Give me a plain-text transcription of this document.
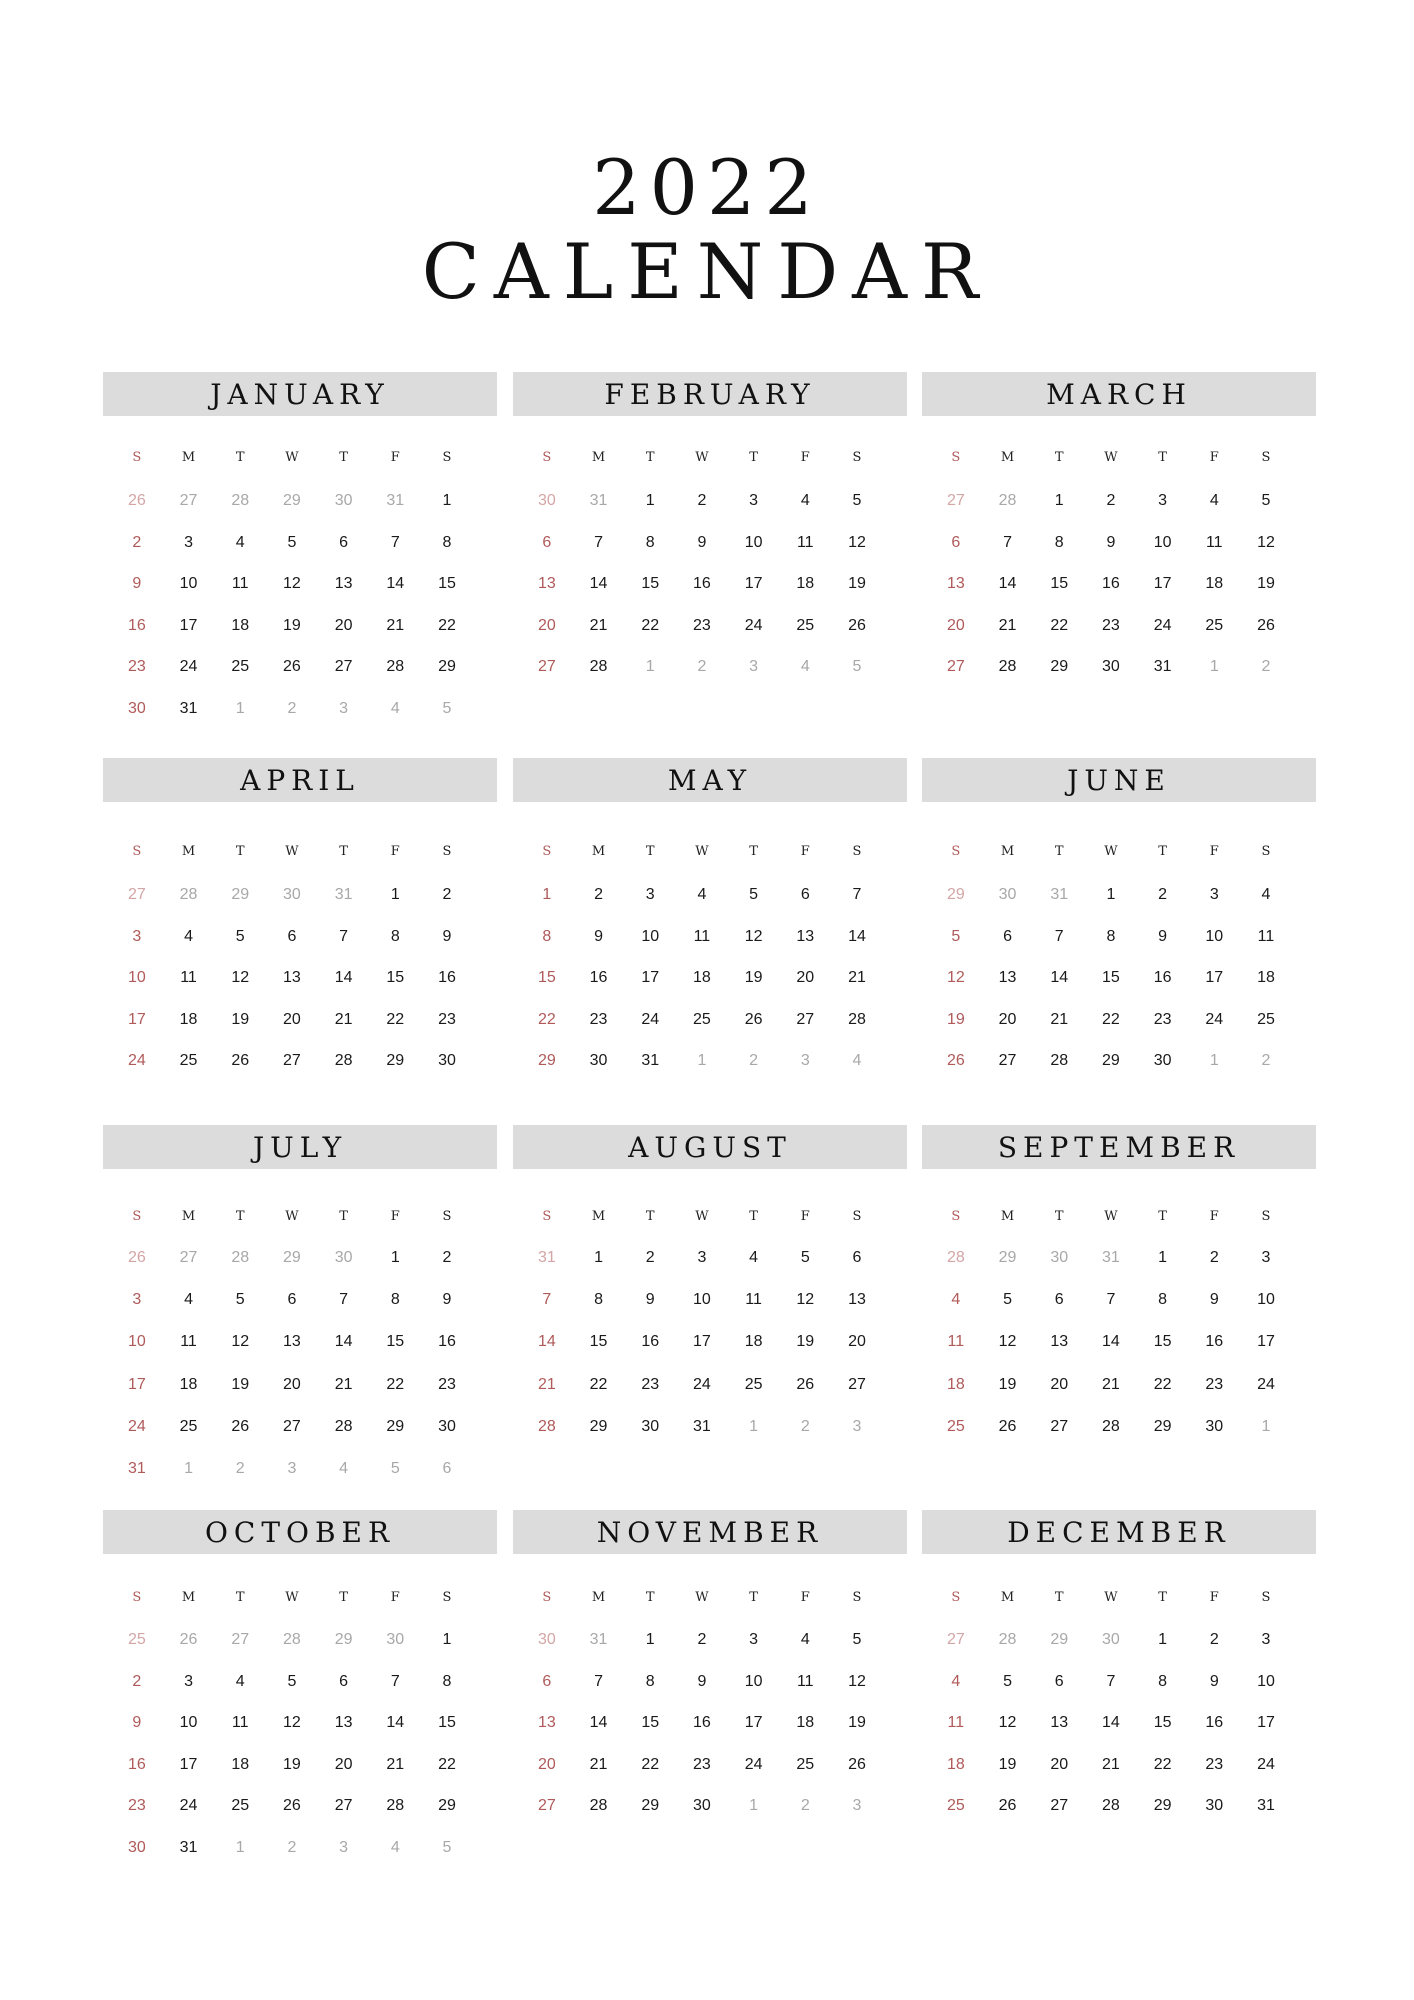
2022
CALENDAR
JANUARY
S	M	T	W	T	F	S
26	27	28	29	30	31	1
2	3	4	5	6	7	8
9	10	11	12	13	14	15
16	17	18	19	20	21	22
23	24	25	26	27	28	29
30	31	1	2	3	4	5
FEBRUARY
S	M	T	W	T	F	S
30	31	1	2	3	4	5
6	7	8	9	10	11	12
13	14	15	16	17	18	19
20	21	22	23	24	25	26
27	28	1	2	3	4	5
MARCH
S	M	T	W	T	F	S
27	28	1	2	3	4	5
6	7	8	9	10	11	12
13	14	15	16	17	18	19
20	21	22	23	24	25	26
27	28	29	30	31	1	2
APRIL
S	M	T	W	T	F	S
27	28	29	30	31	1	2
3	4	5	6	7	8	9
10	11	12	13	14	15	16
17	18	19	20	21	22	23
24	25	26	27	28	29	30
MAY
S	M	T	W	T	F	S
1	2	3	4	5	6	7
8	9	10	11	12	13	14
15	16	17	18	19	20	21
22	23	24	25	26	27	28
29	30	31	1	2	3	4
JUNE
S	M	T	W	T	F	S
29	30	31	1	2	3	4
5	6	7	8	9	10	11
12	13	14	15	16	17	18
19	20	21	22	23	24	25
26	27	28	29	30	1	2
JULY
S	M	T	W	T	F	S
26	27	28	29	30	1	2
3	4	5	6	7	8	9
10	11	12	13	14	15	16
17	18	19	20	21	22	23
24	25	26	27	28	29	30
31	1	2	3	4	5	6
AUGUST
S	M	T	W	T	F	S
31	1	2	3	4	5	6
7	8	9	10	11	12	13
14	15	16	17	18	19	20
21	22	23	24	25	26	27
28	29	30	31	1	2	3
SEPTEMBER
S	M	T	W	T	F	S
28	29	30	31	1	2	3
4	5	6	7	8	9	10
11	12	13	14	15	16	17
18	19	20	21	22	23	24
25	26	27	28	29	30	1
OCTOBER
S	M	T	W	T	F	S
25	26	27	28	29	30	1
2	3	4	5	6	7	8
9	10	11	12	13	14	15
16	17	18	19	20	21	22
23	24	25	26	27	28	29
30	31	1	2	3	4	5
NOVEMBER
S	M	T	W	T	F	S
30	31	1	2	3	4	5
6	7	8	9	10	11	12
13	14	15	16	17	18	19
20	21	22	23	24	25	26
27	28	29	30	1	2	3
DECEMBER
S	M	T	W	T	F	S
27	28	29	30	1	2	3
4	5	6	7	8	9	10
11	12	13	14	15	16	17
18	19	20	21	22	23	24
25	26	27	28	29	30	31
